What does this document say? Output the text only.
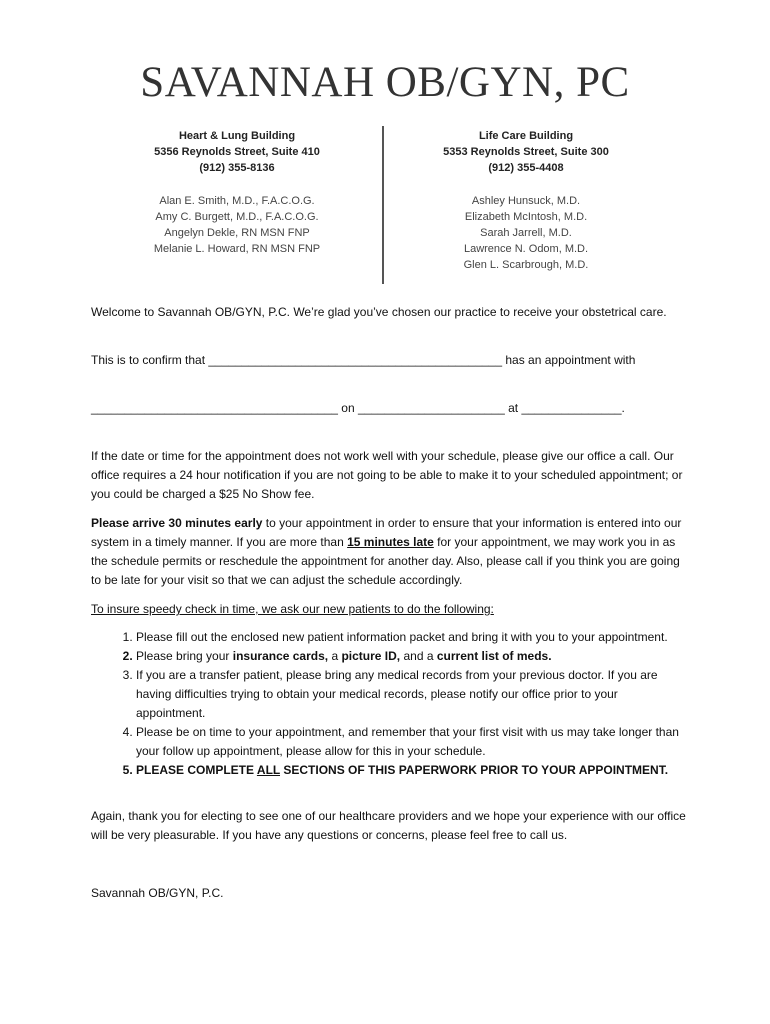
SAVANNAH OB/GYN, PC
Heart & Lung Building
5356 Reynolds Street, Suite 410
(912) 355-8136
Alan E. Smith, M.D., F.A.C.O.G.
Amy C. Burgett, M.D., F.A.C.O.G.
Angelyn Dekle, RN MSN FNP
Melanie L. Howard, RN MSN FNP
Life Care Building
5353 Reynolds Street, Suite 300
(912) 355-4408
Ashley Hunsuck, M.D.
Elizabeth McIntosh, M.D.
Sarah Jarrell, M.D.
Lawrence N. Odom, M.D.
Glen L. Scarbrough, M.D.
Welcome to Savannah OB/GYN, P.C. We’re glad you’ve chosen our practice to receive your obstetrical care.
This is to confirm that ____________________________________________ has an appointment with
_____________________________________ on ______________________ at _______________.
If the date or time for the appointment does not work well with your schedule, please give our office a call. Our office requires a 24 hour notification if you are not going to be able to make it to your scheduled appointment; or you could be charged a $25 No Show fee.
Please arrive 30 minutes early to your appointment in order to ensure that your information is entered into our system in a timely manner. If you are more than 15 minutes late for your appointment, we may work you in as the schedule permits or reschedule the appointment for another day. Also, please call if you think you are going to be late for your visit so that we can adjust the schedule accordingly.
To insure speedy check in time, we ask our new patients to do the following:
1. Please fill out the enclosed new patient information packet and bring it with you to your appointment.
2. Please bring your insurance cards, a picture ID, and a current list of meds.
3. If you are a transfer patient, please bring any medical records from your previous doctor. If you are having difficulties trying to obtain your medical records, please notify our office prior to your appointment.
4. Please be on time to your appointment, and remember that your first visit with us may take longer than your follow up appointment, please allow for this in your schedule.
5. PLEASE COMPLETE ALL SECTIONS OF THIS PAPERWORK PRIOR TO YOUR APPOINTMENT.
Again, thank you for electing to see one of our healthcare providers and we hope your experience with our office will be very pleasurable. If you have any questions or concerns, please feel free to call us.
Savannah OB/GYN, P.C.
